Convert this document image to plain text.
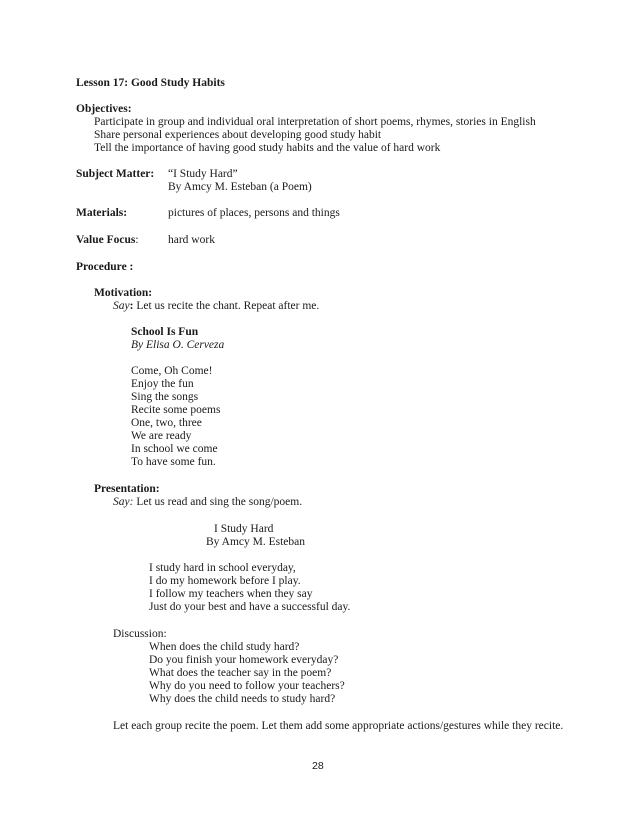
Lesson 17: Good Study Habits
Objectives:
Participate in group and individual oral interpretation of short poems, rhymes, stories in English
Share personal experiences about developing good study habit
Tell the importance of having good study habits and the value of hard work
Subject Matter: “I Study Hard”
By Amcy M. Esteban (a Poem)
Materials:	pictures of places, persons and things
Value Focus:	hard work
Procedure :
Motivation:
Say: Let us recite the chant. Repeat after me.
School Is Fun
By Elisa O. Cerveza
Come, Oh Come!
Enjoy the fun
Sing the songs
Recite some poems
One, two, three
We are ready
In school we come
To have some fun.
Presentation:
Say: Let us read and sing the song/poem.
I Study Hard
By Amcy M. Esteban
I study hard in school everyday,
I do my homework before I play.
I follow my teachers when they say
Just do your best and have a successful day.
Discussion:
When does the child study hard?
Do you finish your homework everyday?
What does the teacher say in the poem?
Why do you need to follow your teachers?
Why does the child needs to study hard?
Let each group recite the poem. Let them add some appropriate actions/gestures while they recite.
28
